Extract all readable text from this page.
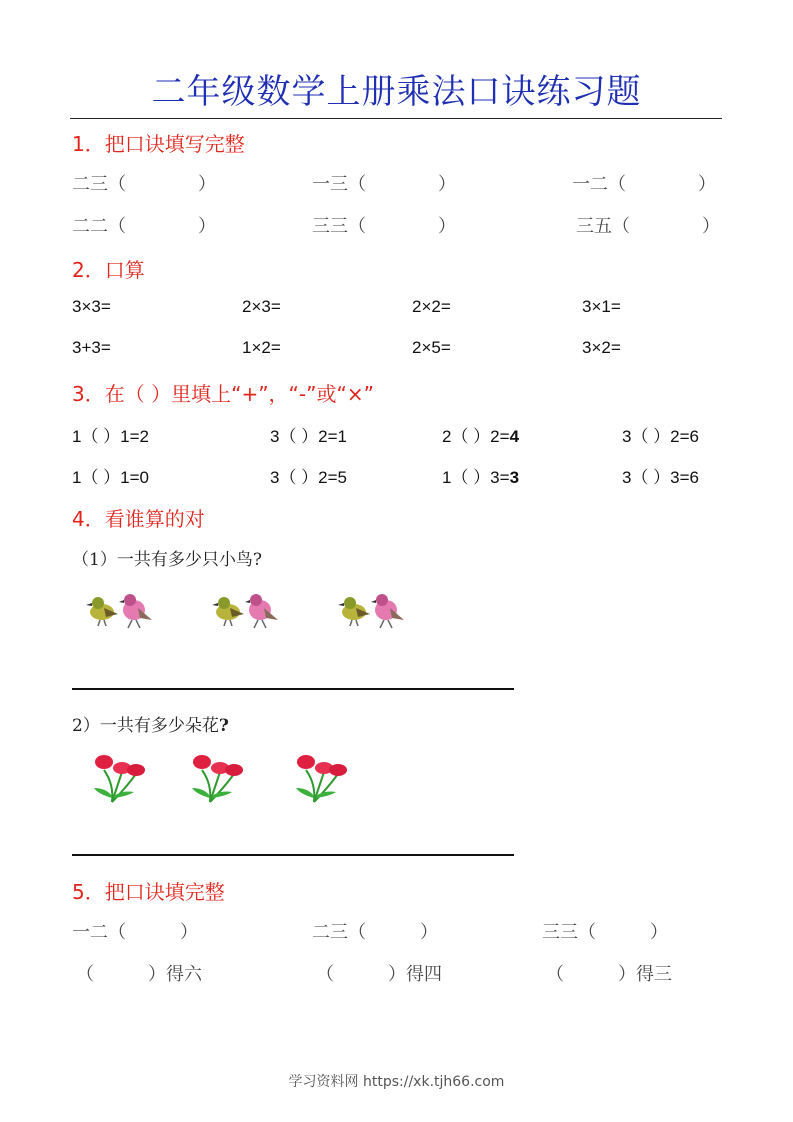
二年级数学上册乘法口诀练习题
1．把口诀填写完整
二三（　　　　）	一三（　　　　）	一二（　　　　）
二二（　　　　）	三三（　　　　）	三五（　　　　）
2．口算
3×3=	2×3=	2×2=	3×1=
3+3=	1×2=	2×5=	3×2=
3．在（ ）里填上“+”，“-”或“×”
1（ ）1=2	3（ ）2=1	2（ ）2=4	3（ ）2=6
1（ ）1=0	3（ ）2=5	1（ ）3=3	3（ ）3=6
4．看谁算的对
（1）一共有多少只小鸟?
2）一共有多少朵花?
5．把口诀填完整
一二（　　　）	二三（　　　）	三三（　　　）
（　　　）得六	（　　　）得四	（　　　）得三
学习资料网 https://xk.tjh66.com
